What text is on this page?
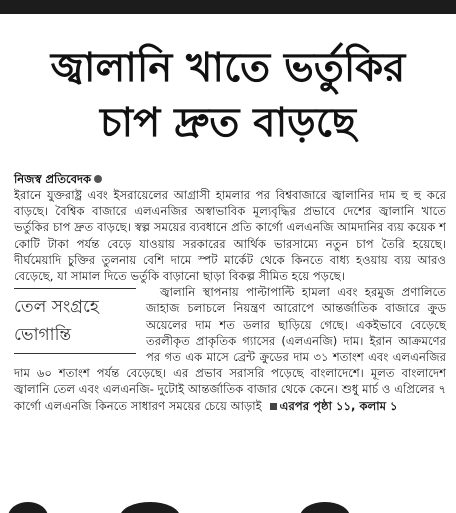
জ্বালানি খাতে ভর্তুকির
চাপ দ্রুত বাড়ছে
নিজস্ব প্রতিবেদক

ইরানে যুক্তরাষ্ট্র এবং ইসরায়েলের আগ্রাসী হামলার পর বিশ্ববাজারে জ্বালানির দাম হু হু করে বাড়ছে। বৈশ্বিক বাজারে এলএনজির অস্বাভাবিক মূল্যবৃদ্ধির প্রভাবে দেশের জ্বালানি খাতে ভর্তুকির চাপ দ্রুত বাড়ছে। স্বল্প সময়ের ব্যবধানে প্রতি কার্গো এলএনজি আমদানির ব্যয় কয়েক শ কোটি টাকা পর্যন্ত বেড়ে যাওয়ায় সরকারের আর্থিক ভারসাম্যে নতুন চাপ তৈরি হয়েছে। দীর্ঘমেয়াদি চুক্তির তুলনায় বেশি দামে স্পট মার্কেট থেকে কিনতে বাধ্য হওয়ায় ব্যয় আরও বেড়েছে, যা সামাল দিতে ভর্তুকি বাড়ানো ছাড়া বিকল্প সীমিত হয়ে পড়ছে।

তেল সংগ্রহে
ভোগান্তি

জ্বালানি স্থাপনায় পাল্টাপাল্টি হামলা এবং হরমুজ প্রণালিতে জাহাজ চলাচলে নিয়ন্ত্রণ আরোপে আন্তর্জাতিক বাজারে ক্রুড অয়েলের দাম শত ডলার ছাড়িয়ে গেছে। একইভাবে বেড়েছে তরলীকৃত প্রাকৃতিক গ্যাসের (এলএনজি) দাম। ইরান আক্রমণের পর গত এক মাসে ব্রেন্ট ক্রুডের দাম ৩১ শতাংশ এবং এলএনজির দাম ৬০ শতাংশ পর্যন্ত বেড়েছে। এর প্রভাব সরাসরি পড়েছে বাংলাদেশে। মূলত বাংলাদেশ জ্বালানি তেল এবং এলএনজি- দুটোই আন্তর্জাতিক বাজার থেকে কেনে। শুধু মার্চ ও এপ্রিলের ৭ কার্গো এলএনজি কিনতে সাধারণ সময়ের চেয়ে আড়াই এরপর পৃষ্ঠা ১১, কলাম ১
